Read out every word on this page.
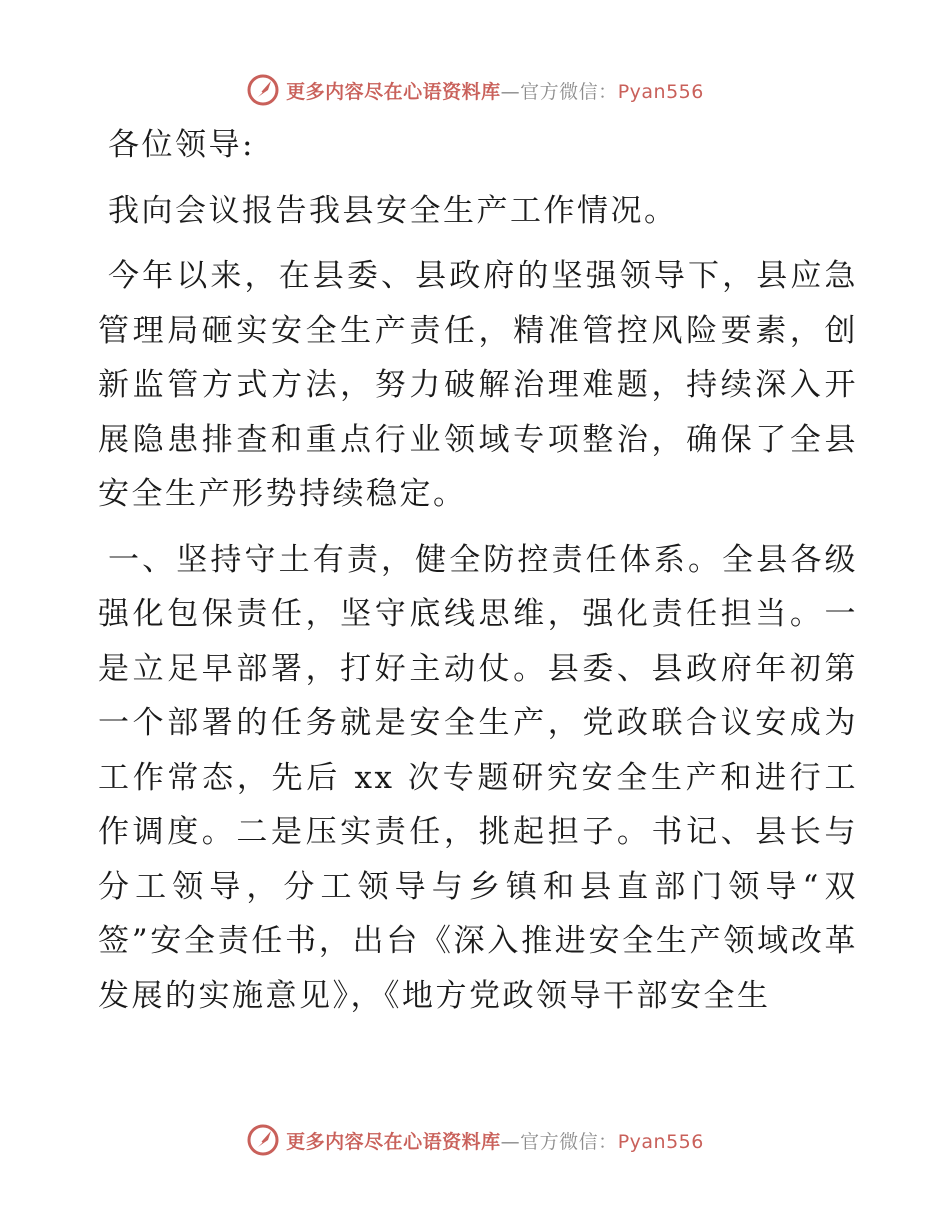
更多内容尽在心语资料库—官方微信：Pyan556

各位领导:

我向会议报告我县安全生产工作情况。

今年以来，在县委、县政府的坚强领导下，县应急管理局砸实安全生产责任，精准管控风险要素，创新监管方式方法，努力破解治理难题，持续深入开展隐患排查和重点行业领域专项整治，确保了全县安全生产形势持续稳定。

一、坚持守土有责，健全防控责任体系。全县各级强化包保责任，坚守底线思维，强化责任担当。一是立足早部署，打好主动仗。县委、县政府年初第一个部署的任务就是安全生产，党政联合议安成为工作常态，先后 xx 次专题研究安全生产和进行工作调度。二是压实责任，挑起担子。书记、县长与分工领导，分工领导与乡镇和县直部门领导“双签”安全责任书，出台《深入推进安全生产领域改革发展的实施意见》，《地方党政领导干部安全生

更多内容尽在心语资料库—官方微信：Pyan556
